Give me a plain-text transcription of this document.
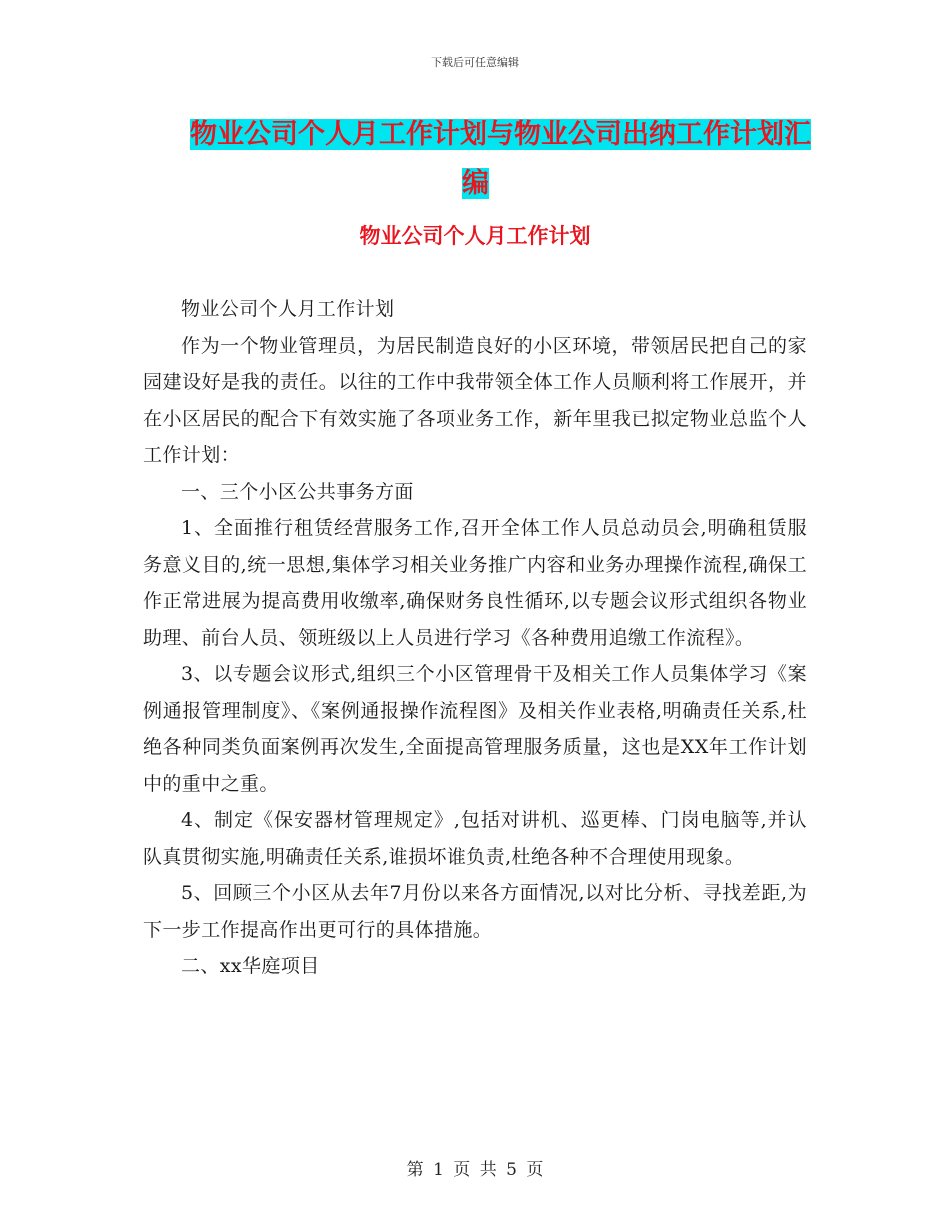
下载后可任意编辑
物业公司个人月工作计划与物业公司出纳工作计划汇
编
物业公司个人月工作计划

物业公司个人月工作计划

作为一个物业管理员，为居民制造良好的小区环境，带领居民把自己的家园建设好是我的责任。以往的工作中我带领全体工作人员顺利将工作展开，并在小区居民的配合下有效实施了各项业务工作，新年里我已拟定物业总监个人工作计划：

一、三个小区公共事务方面

1、全面推行租赁经营服务工作,召开全体工作人员总动员会,明确租赁服务意义目的,统一思想,集体学习相关业务推广内容和业务办理操作流程,确保工作正常进展为提高费用收缴率,确保财务良性循环,以专题会议形式组织各物业助理、前台人员、领班级以上人员进行学习《各种费用追缴工作流程》。

3、以专题会议形式,组织三个小区管理骨干及相关工作人员集体学习《案例通报管理制度》、《案例通报操作流程图》及相关作业表格,明确责任关系,杜绝各种同类负面案例再次发生,全面提高管理服务质量，这也是XX年工作计划中的重中之重。

4、制定《保安器材管理规定》,包括对讲机、巡更棒、门岗电脑等,并认队真贯彻实施,明确责任关系,谁损坏谁负责,杜绝各种不合理使用现象。

5、回顾三个小区从去年7月份以来各方面情况,以对比分析、寻找差距,为下一步工作提高作出更可行的具体措施。

二、xx华庭项目

第 1 页 共 5 页
